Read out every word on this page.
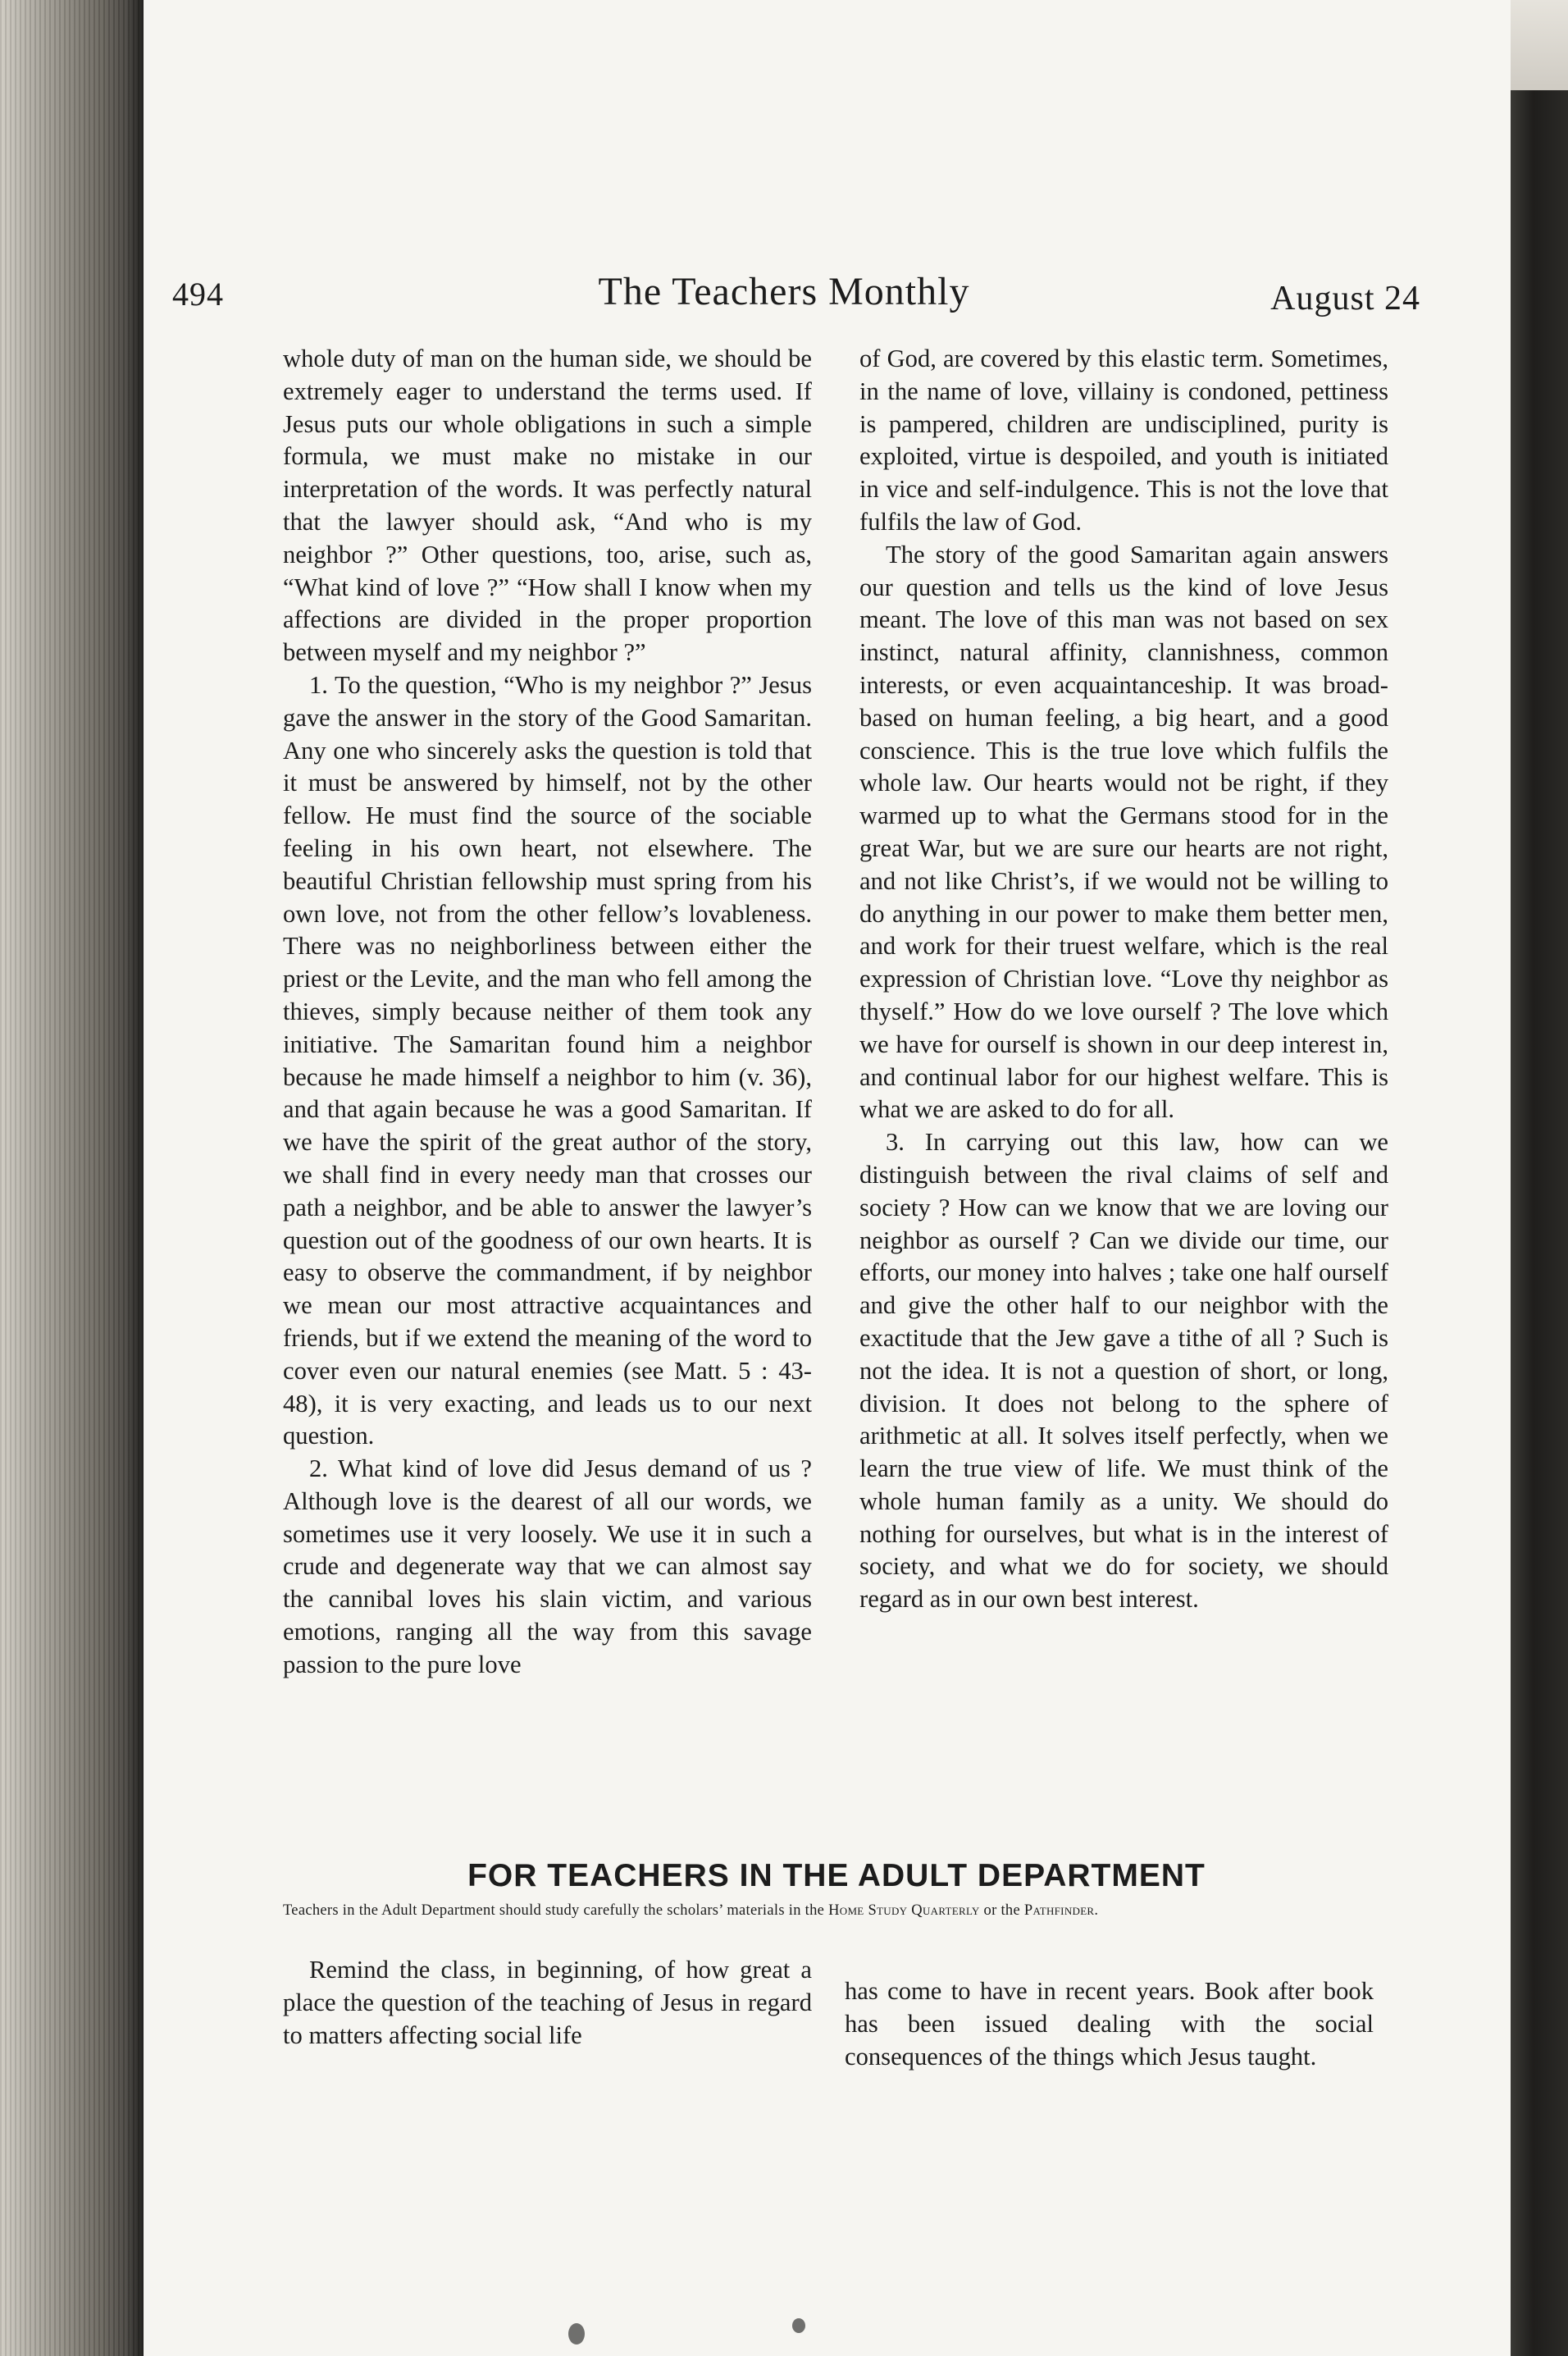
494	The Teachers Monthly	August 24

whole duty of man on the human side, we should be extremely eager to understand the terms used. If Jesus puts our whole obligations in such a simple formula, we must make no mistake in our interpretation of the words. It was perfectly natural that the lawyer should ask, “And who is my neighbor ?” Other questions, too, arise, such as, “What kind of love ?” “How shall I know when my affections are divided in the proper proportion between myself and my neighbor ?”

1. To the question, “Who is my neighbor ?” Jesus gave the answer in the story of the Good Samaritan. Any one who sincerely asks the question is told that it must be answered by himself, not by the other fellow. He must find the source of the sociable feeling in his own heart, not elsewhere. The beautiful Christian fellowship must spring from his own love, not from the other fellow’s lovableness. There was no neighborliness between either the priest or the Levite, and the man who fell among the thieves, simply because neither of them took any initiative. The Samaritan found him a neighbor because he made himself a neighbor to him (v. 36), and that again because he was a good Samaritan. If we have the spirit of the great author of the story, we shall find in every needy man that crosses our path a neighbor, and be able to answer the lawyer’s question out of the goodness of our own hearts. It is easy to observe the commandment, if by neighbor we mean our most attractive acquaintances and friends, but if we extend the meaning of the word to cover even our natural enemies (see Matt. 5 : 43-48), it is very exacting, and leads us to our next question.

2. What kind of love did Jesus demand of us ? Although love is the dearest of all our words, we sometimes use it very loosely. We use it in such a crude and degenerate way that we can almost say the cannibal loves his slain victim, and various emotions, ranging all the way from this savage passion to the pure love

of God, are covered by this elastic term. Sometimes, in the name of love, villainy is condoned, pettiness is pampered, children are undisciplined, purity is exploited, virtue is despoiled, and youth is initiated in vice and self-indulgence. This is not the love that fulfils the law of God.

The story of the good Samaritan again answers our question and tells us the kind of love Jesus meant. The love of this man was not based on sex instinct, natural affinity, clannishness, common interests, or even acquaintanceship. It was broad-based on human feeling, a big heart, and a good conscience. This is the true love which fulfils the whole law. Our hearts would not be right, if they warmed up to what the Germans stood for in the great War, but we are sure our hearts are not right, and not like Christ’s, if we would not be willing to do anything in our power to make them better men, and work for their truest welfare, which is the real expression of Christian love. “Love thy neighbor as thyself.” How do we love ourself ? The love which we have for ourself is shown in our deep interest in, and continual labor for our highest welfare. This is what we are asked to do for all.

3. In carrying out this law, how can we distinguish between the rival claims of self and society ? How can we know that we are loving our neighbor as ourself ? Can we divide our time, our efforts, our money into halves ; take one half ourself and give the other half to our neighbor with the exactitude that the Jew gave a tithe of all ? Such is not the idea. It is not a question of short, or long, division. It does not belong to the sphere of arithmetic at all. It solves itself perfectly, when we learn the true view of life. We must think of the whole human family as a unity. We should do nothing for ourselves, but what is in the interest of society, and what we do for society, we should regard as in our own best interest.

FOR TEACHERS IN THE ADULT DEPARTMENT
Teachers in the Adult Department should study carefully the scholars’ materials in the Home Study Quarterly or the Pathfinder.

Remind the class, in beginning, of how great a place the question of the teaching of Jesus in regard to matters affecting social life

has come to have in recent years. Book after book has been issued dealing with the social consequences of the things which Jesus taught.
